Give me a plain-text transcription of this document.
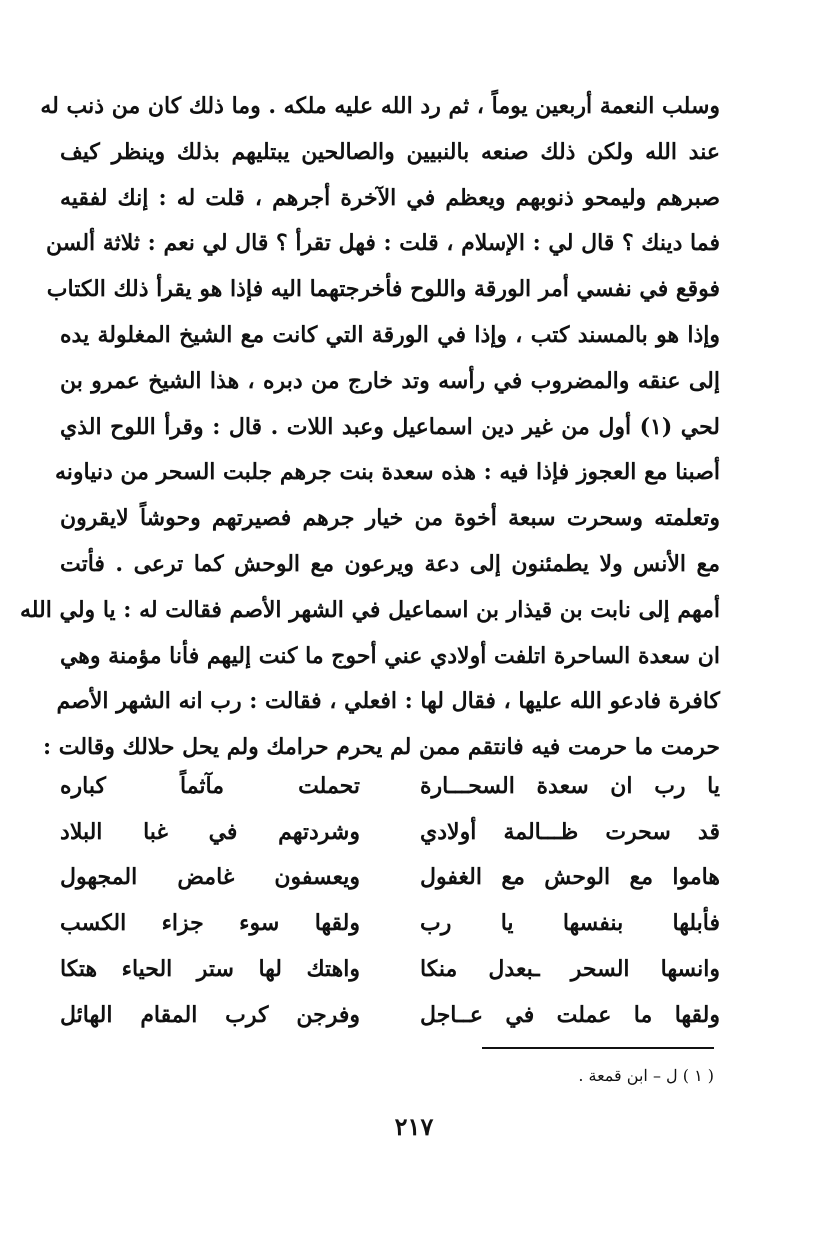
وسلب النعمة أربعين يوماً ، ثم رد الله عليه ملكه . وما ذلك كان من ذنب له
عند الله ولكن ذلك صنعه بالنبيين والصالحين يبتليهم بذلك وينظر كيف
صبرهم وليمحو ذنوبهم ويعظم في الآخرة أجرهم ، قلت له : إنك لفقيه
فما دينك ؟ قال لي : الإسلام ، قلت : فهل تقرأ ؟ قال لي نعم : ثلاثة ألسن
فوقع في نفسي أمر الورقة واللوح فأخرجتهما اليه فإذا هو يقرأ ذلك الكتاب
وإذا هو بالمسند كتب ، وإذا في الورقة التي كانت مع الشيخ المغلولة يده
إلى عنقه والمضروب في رأسه وتد خارج من دبره ، هذا الشيخ عمرو بن
لحي (١) أول من غير دين اسماعيل وعبد اللات . قال : وقرأ اللوح الذي
أصبنا مع العجوز فإذا فيه : هذه سعدة بنت جرهم جلبت السحر من دنياونه
وتعلمته وسحرت سبعة أخوة من خيار جرهم فصيرتهم وحوشاً لايقرون
مع الأنس ولا يطمئنون إلى دعة ويرعون مع الوحش كما ترعى . فأتت
أمهم إلى نابت بن قيذار بن اسماعيل في الشهر الأصم فقالت له : يا ولي الله
ان سعدة الساحرة اتلفت أولادي عني أحوج ما كنت إليهم فأنا مؤمنة وهي
كافرة فادعو الله عليها ، فقال لها : افعلي ، فقالت : رب انه الشهر الأصم
حرمت ما حرمت فيه فانتقم ممن لم يحرم حرامك ولم يحل حلالك وقالت :
يا
رب
ان
سعدة
السحـــارة
تحملت
مآثماً
كباره
قد
سحرت
ظـــالمة
أولادي
وشردتهم
في
غبا
البلاد
هاموا
مع
الوحش
مع
الغفول
ويعسفون
غامض
المجهول
فأبلها
بنفسها
يا
رب
ولقها
سوء
جزاء
الكسب
وانسها
السحر
ـبعدل
منكا
واهتك
لها
ستر
الحياء
هتكا
ولقها
ما
عملت
في
عــاجل
وفرجن
كرب
المقام
الهائل
( ١ ) ل – ابن قمعة .
٢١٧
